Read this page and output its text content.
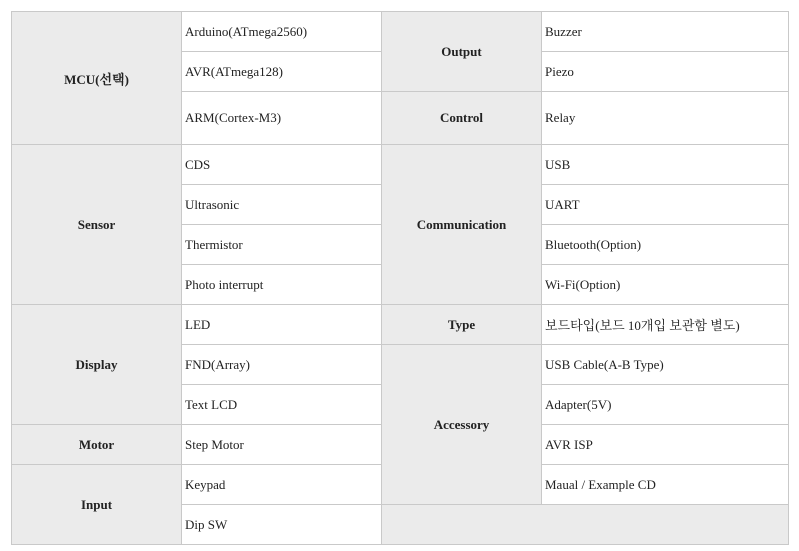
MCU(선택)	Arduino(ATmega2560)	Output	Buzzer
	AVR(ATmega128)		Piezo
	ARM(Cortex-M3)	Control	Relay
Sensor	CDS	Communication	USB
	Ultrasonic		UART
	Thermistor		Bluetooth(Option)
	Photo interrupt		Wi-Fi(Option)
Display	LED	Type	보드타입(보드 10개입 보관함 별도)
	FND(Array)	Accessory	USB Cable(A-B Type)
	Text LCD		Adapter(5V)
Motor	Step Motor		AVR ISP
Input	Keypad		Maual / Example CD
	Dip SW		
